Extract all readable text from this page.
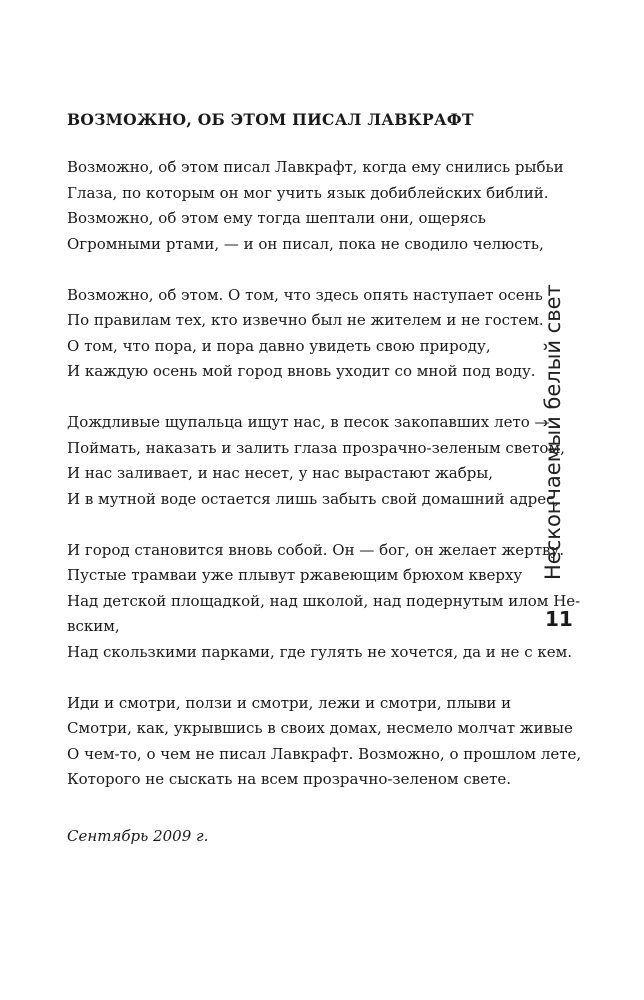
ВОЗМОЖНО, ОБ ЭТОМ ПИСАЛ ЛАВКРАФТ
Возможно, об этом писал Лавкрафт, когда ему снились рыбьи
Глаза, по которым он мог учить язык добиблейских библий.
Возможно, об этом ему тогда шептали они, ощерясь
Огромными ртами, — и он писал, пока не сводило челюсть,
Возможно, об этом. О том, что здесь опять наступает осень
По правилам тех, кто извечно был не жителем и не гостем.
О том, что пора, и пора давно увидеть свою природу,
И каждую осень мой город вновь уходит со мной под воду.
Дождливые щупальца ищут нас, в песок закопавших лето —
Поймать, наказать и залить глаза прозрачно-зеленым светом,
И нас заливает, и нас несет, у нас вырастают жабры,
И в мутной воде остается лишь забыть свой домашний адрес,
И город становится вновь собой. Он — бог, он желает жертву.
Пустые трамваи уже плывут ржавеющим брюхом кверху
Над детской площадкой, над школой, над подернутым илом Не-
вским,
Над скользкими парками, где гулять не хочется, да и не с кем.
Иди и смотри, ползи и смотри, лежи и смотри, плыви и
Смотри, как, укрывшись в своих домах, несмело молчат живые
О чем-то, о чем не писал Лавкрафт. Возможно, о прошлом лете,
Которого не сыскать на всем прозрачно-зеленом свете.
Сентябрь 2009 г.
Нескончаемый белый свет
11
